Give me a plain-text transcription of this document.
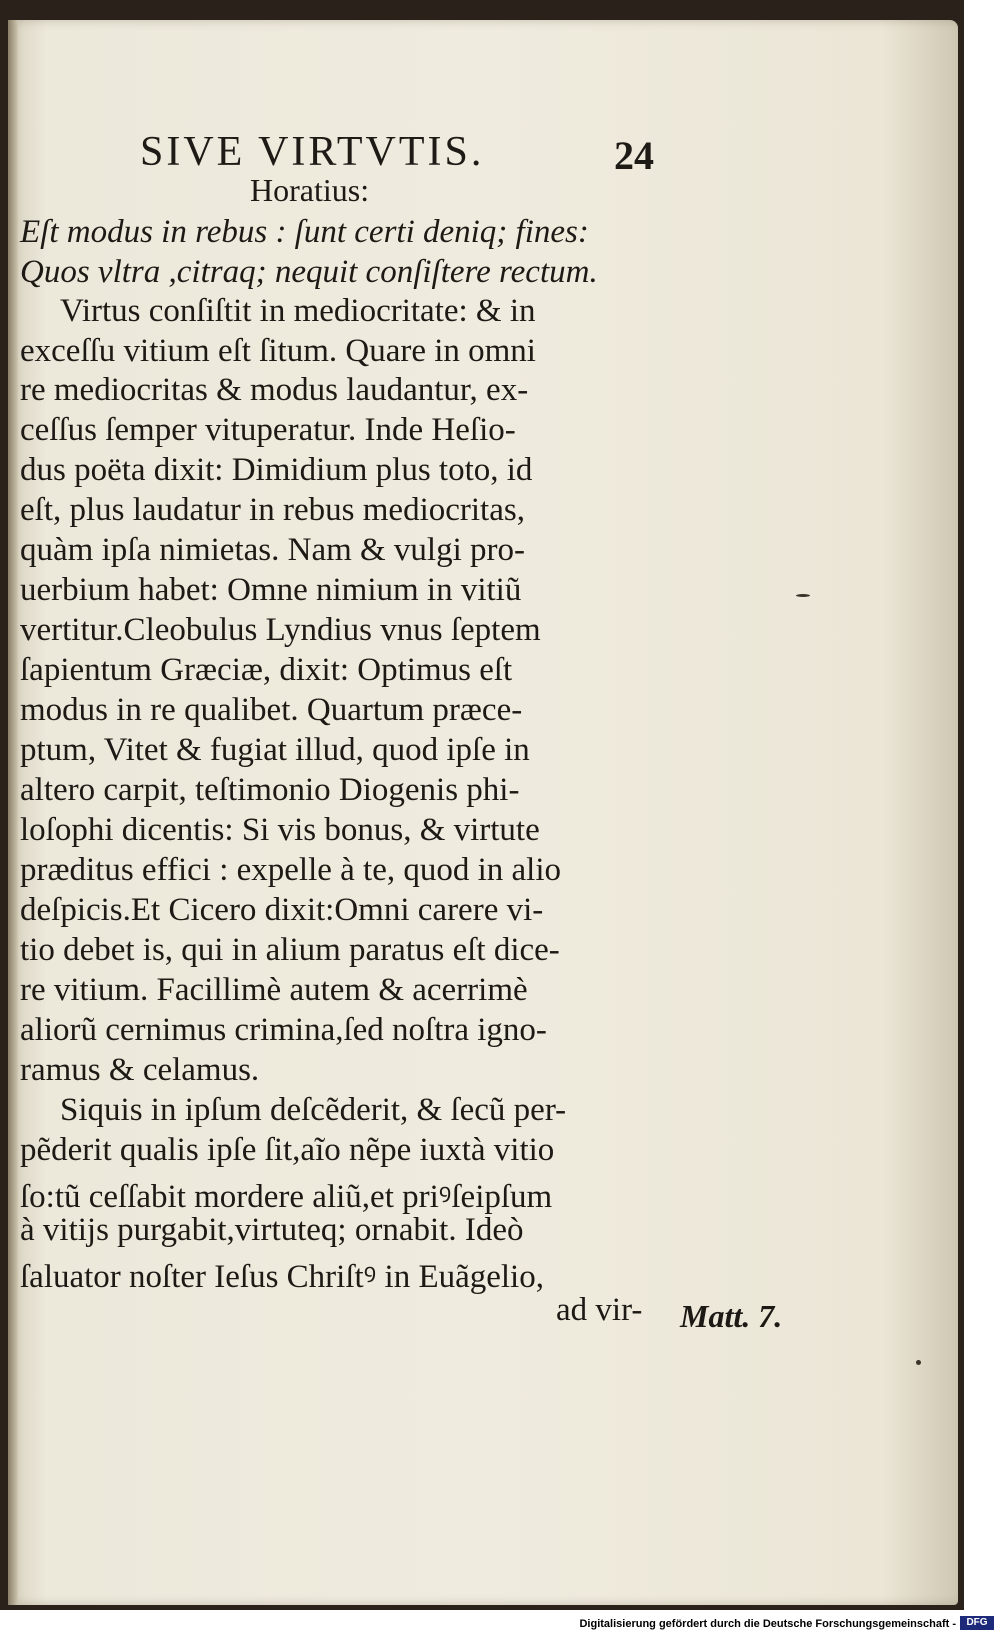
SIVE VIRTVTIS.	24
Horatius:
Eſt modus in rebus : ſunt certi deniq; fines:
Quos vltra ,citraq; nequit conſiſtere rectum.
Virtus conſiſtit in mediocritate: & in
exceſſu vitium eſt ſitum. Quare in omni
re mediocritas & modus laudantur, ex-
ceſſus ſemper vituperatur. Inde Heſio-
dus poëta dixit: Dimidium plus toto, id
eſt, plus laudatur in rebus mediocritas,
quàm ipſa nimietas. Nam & vulgi pro-
uerbium habet: Omne nimium in vitiũ
vertitur.Cleobulus Lyndius vnus ſeptem
ſapientum Græciæ, dixit: Optimus eſt
modus in re qualibet. Quartum præce-
ptum, Vitet & fugiat illud, quod ipſe in
altero carpit, teſtimonio Diogenis phi-
loſophi dicentis: Si vis bonus, & virtute
præditus effici : expelle à te, quod in alio
deſpicis.Et Cicero dixit:Omni carere vi-
tio debet is, qui in alium paratus eſt dice-
re vitium. Facillimè autem & acerrimè
aliorũ cernimus crimina,ſed noſtra igno-
ramus & celamus.
Siquis in ipſum deſcẽderit, & ſecũ per-
pẽderit qualis ipſe ſit,aĩo nẽpe iuxtà vitio
ſo:tũ ceſſabit mordere aliũ,et priꝰſeipſum
à vitijs purgabit,virtuteq; ornabit. Ideò
ſaluator noſter Ieſus Chriſtꝰ in Euãgelio,
ad vir-	Matt. 7.
Digitalisierung gefördert durch die Deutsche Forschungsgemeinschaft -	DFG
